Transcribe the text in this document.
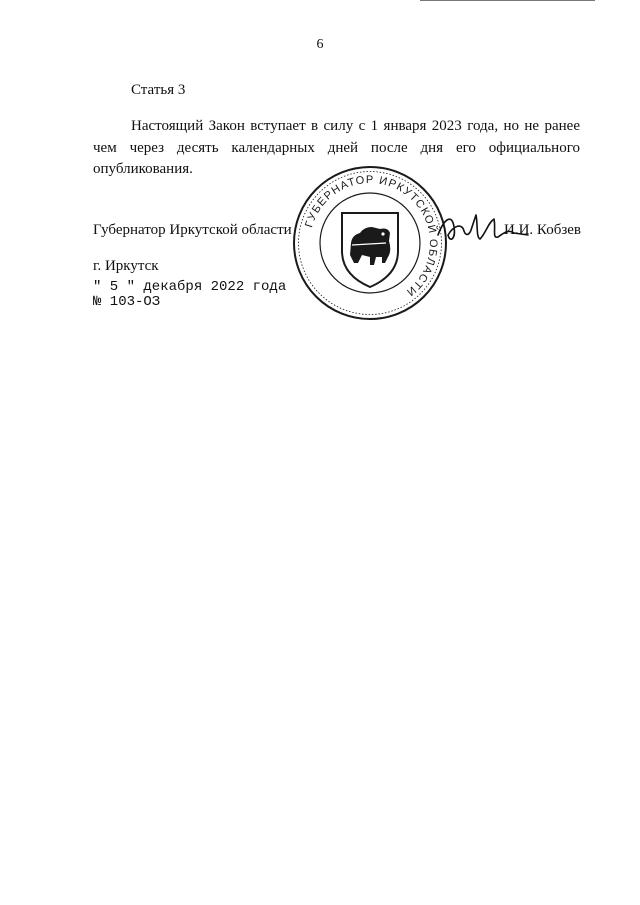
6
Статья 3

Настоящий Закон вступает в силу с 1 января 2023 года, но не ранее чем через десять календарных дней после дня его официального опубликования.

ГУБЕРНАТОР ИРКУТСКОЙ ОБЛАСТИ
Губернатор Иркутской области	И.И. Кобзев
г. Иркутск
" 5 " декабря 2022 года
№ 103-ОЗ
